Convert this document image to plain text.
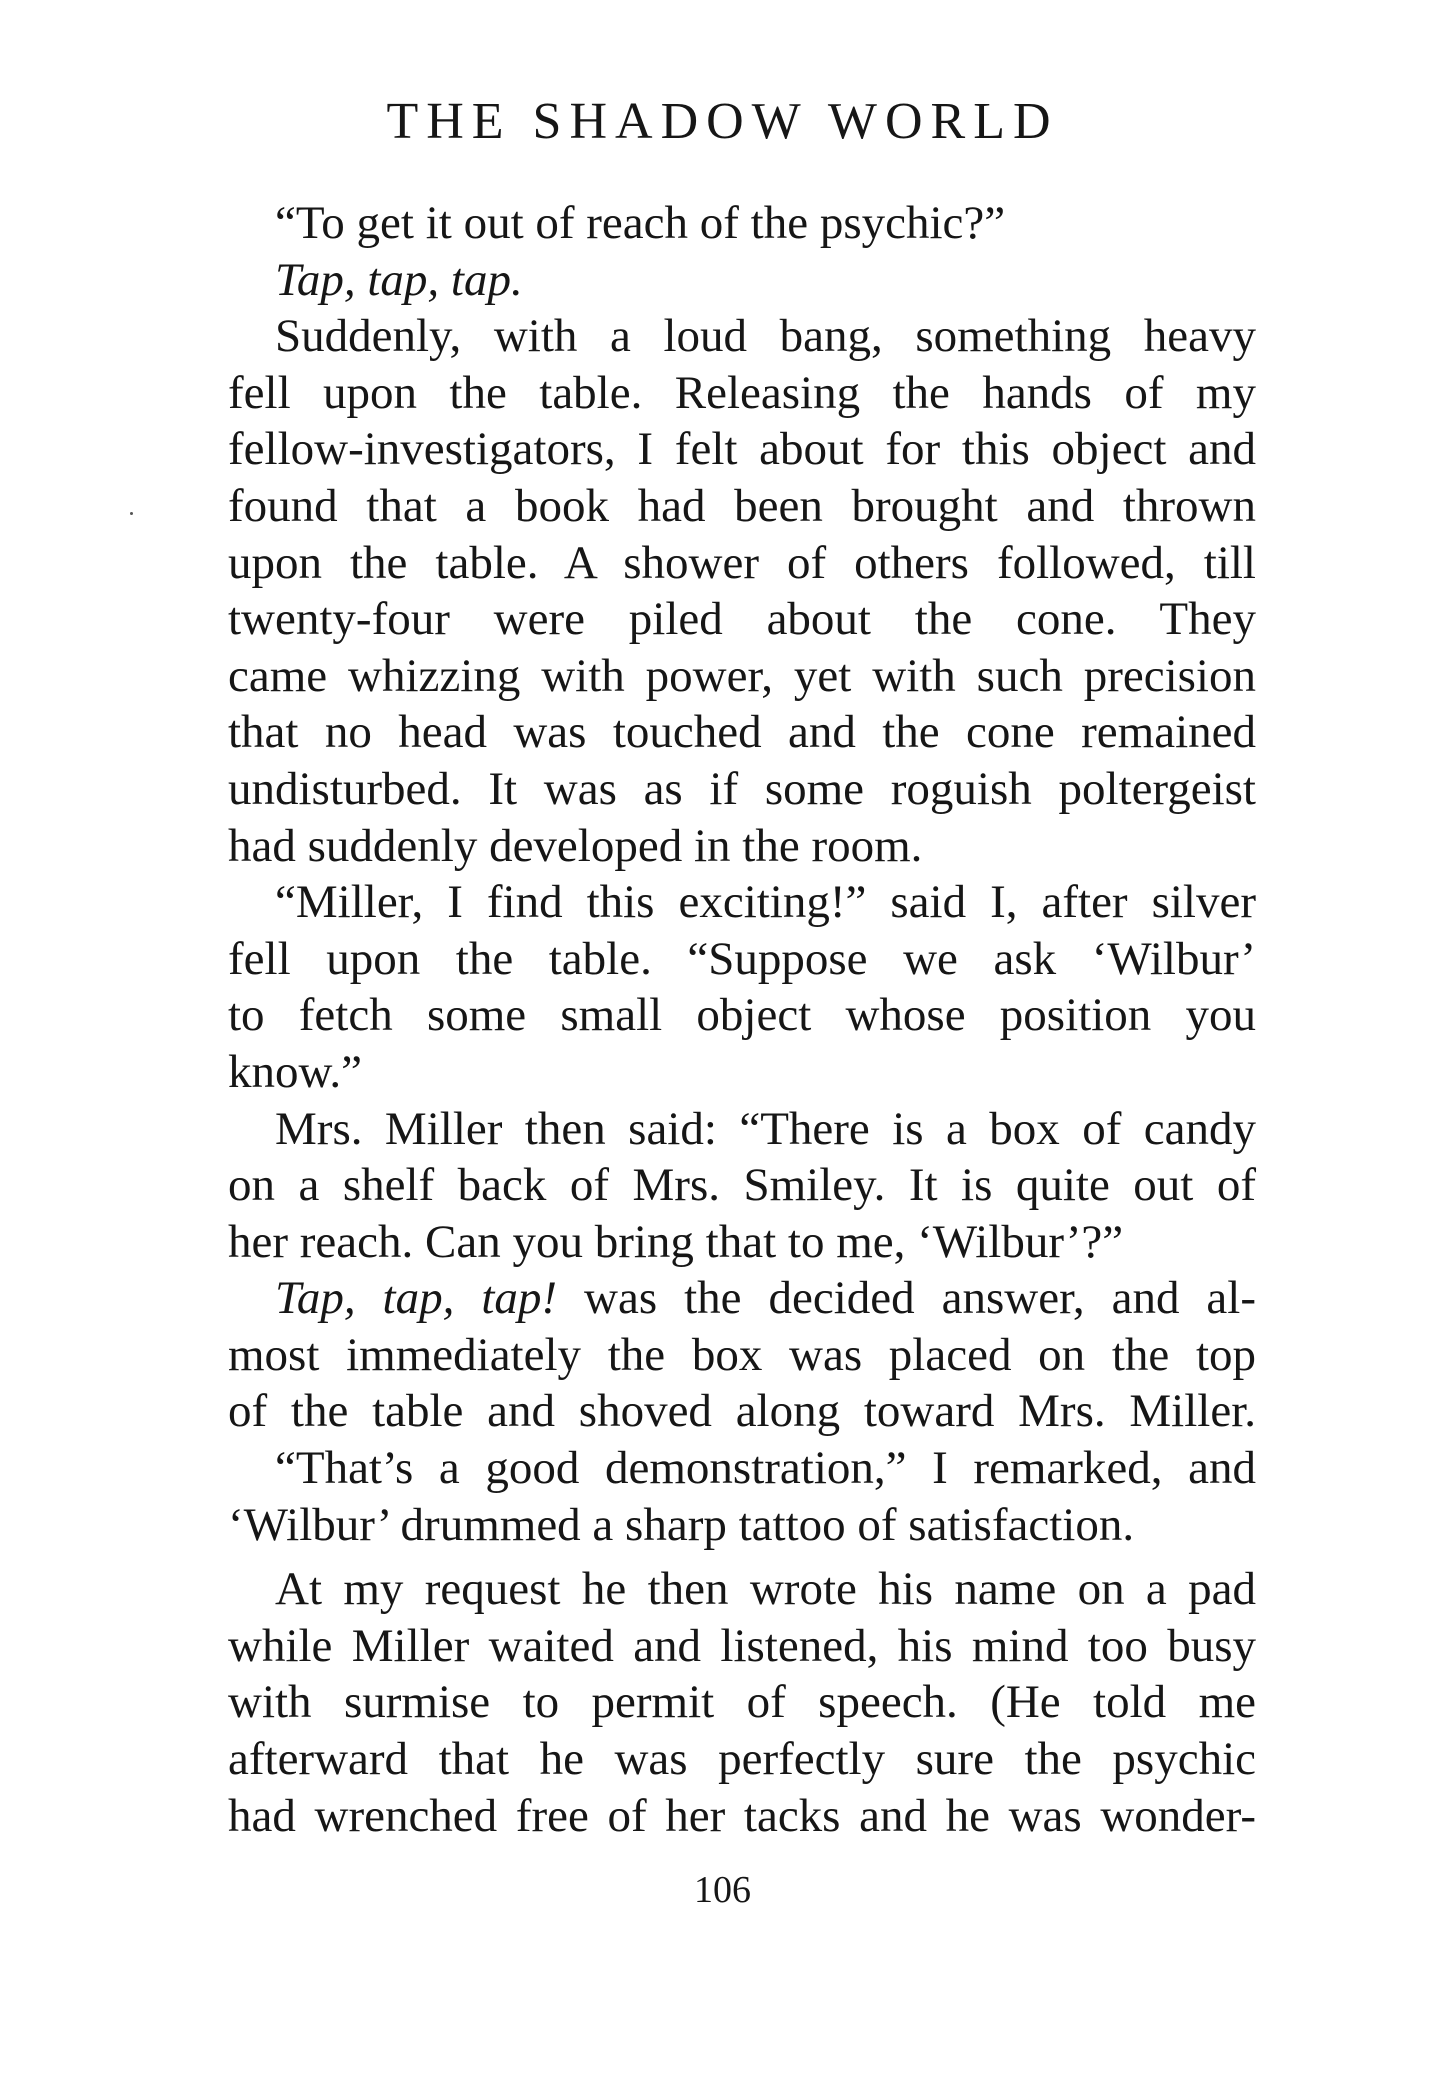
THE SHADOW WORLD
“To get it out of reach of the psychic?”
Tap, tap, tap.
Suddenly, with a loud bang, something heavy
fell upon the table. Releasing the hands of my
fellow-investigators, I felt about for this object and
found that a book had been brought and thrown
upon the table. A shower of others followed, till
twenty-four were piled about the cone. They
came whizzing with power, yet with such precision
that no head was touched and the cone remained
undisturbed. It was as if some roguish poltergeist
had suddenly developed in the room.
“Miller, I find this exciting!” said I, after silver
fell upon the table. “Suppose we ask ‘Wilbur’
to fetch some small object whose position you
know.”
Mrs. Miller then said: “There is a box of candy
on a shelf back of Mrs. Smiley. It is quite out of
her reach. Can you bring that to me, ‘Wilbur’?”
Tap, tap, tap! was the decided answer, and al-
most immediately the box was placed on the top
of the table and shoved along toward Mrs. Miller.
“That’s a good demonstration,” I remarked, and
‘Wilbur’ drummed a sharp tattoo of satisfaction.
At my request he then wrote his name on a pad
while Miller waited and listened, his mind too busy
with surmise to permit of speech. (He told me
afterward that he was perfectly sure the psychic
had wrenched free of her tacks and he was wonder-
106
